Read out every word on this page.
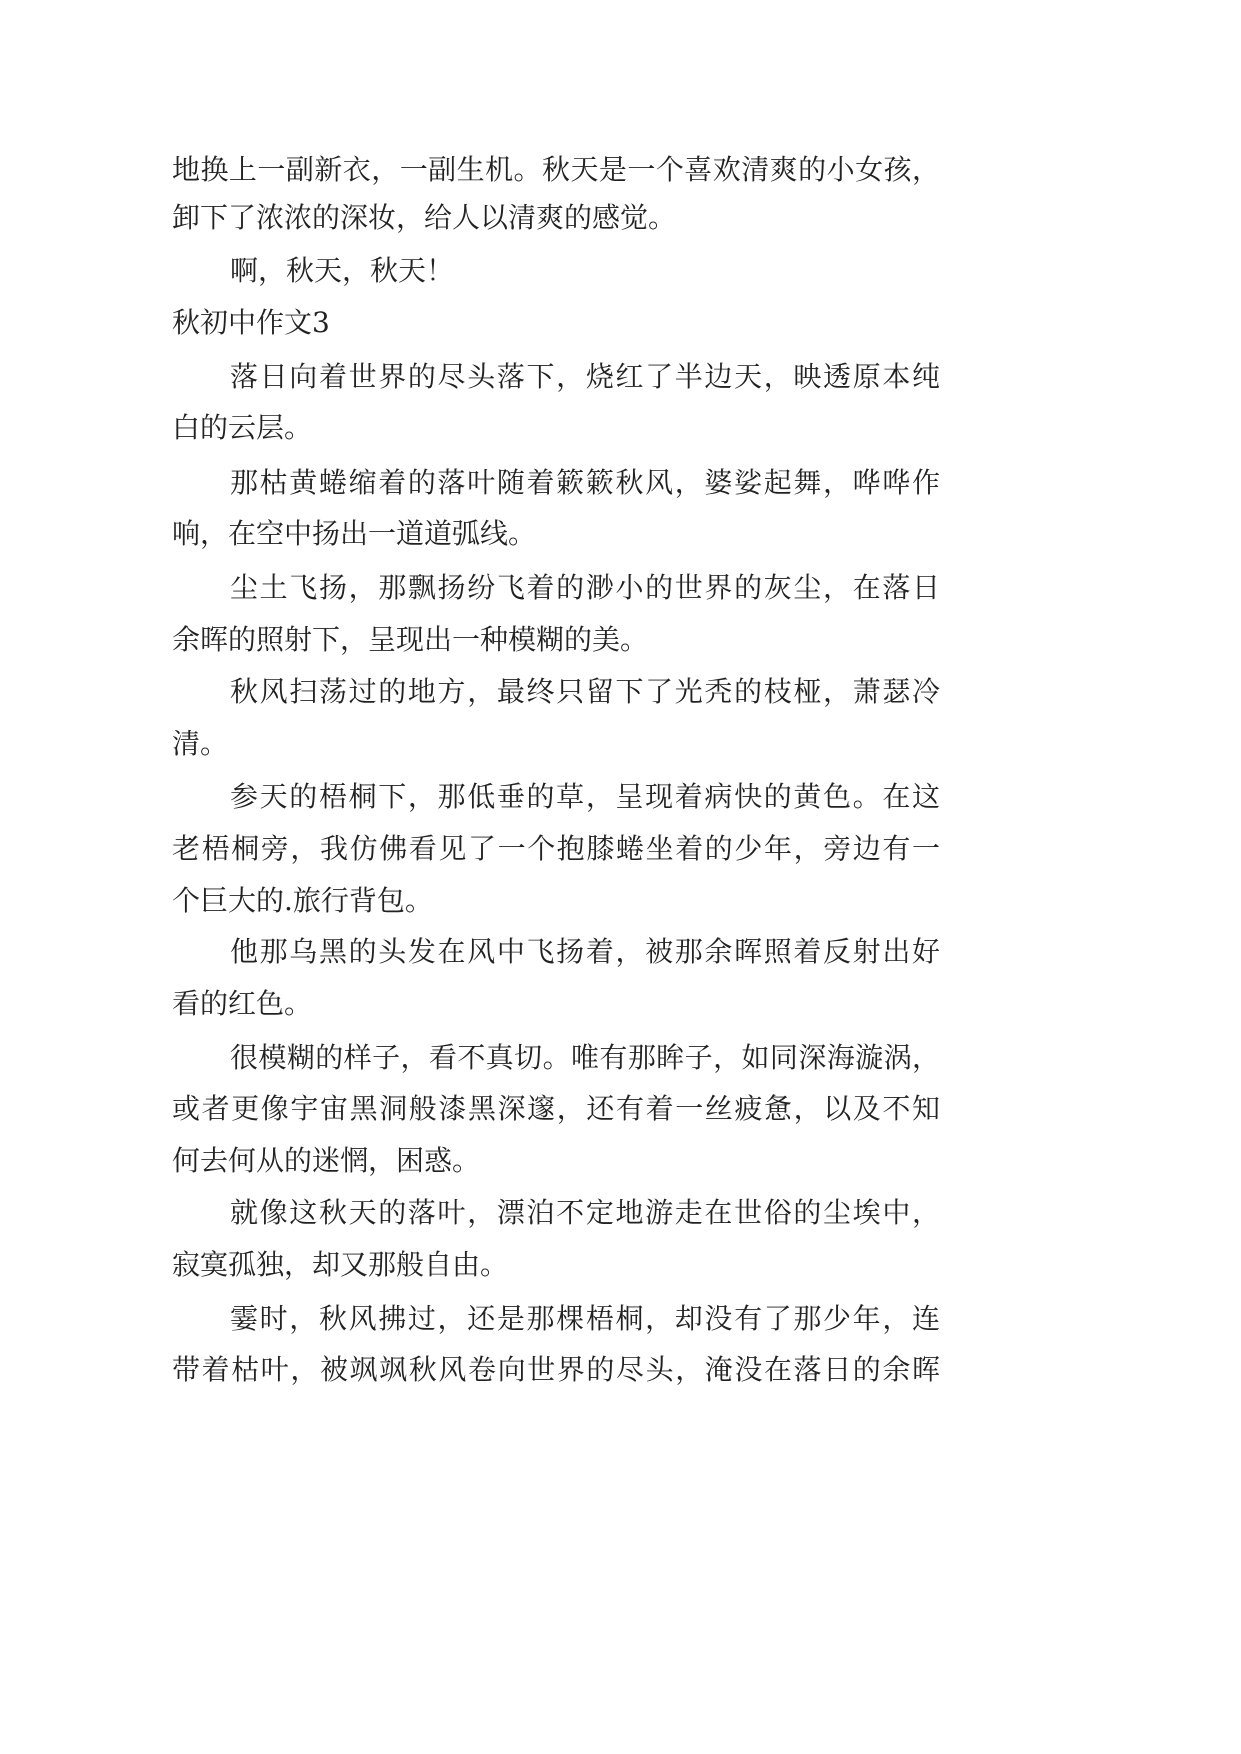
地换上一副新衣，一副生机。秋天是一个喜欢清爽的小女孩，
卸下了浓浓的深妆，给人以清爽的感觉。
啊，秋天，秋天！
秋初中作文3
落日向着世界的尽头落下，烧红了半边天，映透原本纯
白的云层。
那枯黄蜷缩着的落叶随着簌簌秋风，婆娑起舞，哗哗作
响，在空中扬出一道道弧线。
尘土飞扬，那飘扬纷飞着的渺小的世界的灰尘，在落日
余晖的照射下，呈现出一种模糊的美。
秋风扫荡过的地方，最终只留下了光秃的枝桠，萧瑟冷
清。
参天的梧桐下，那低垂的草，呈现着病快的黄色。在这
老梧桐旁，我仿佛看见了一个抱膝蜷坐着的少年，旁边有一
个巨大的.旅行背包。
他那乌黑的头发在风中飞扬着，被那余晖照着反射出好
看的红色。
很模糊的样子，看不真切。唯有那眸子，如同深海漩涡，
或者更像宇宙黑洞般漆黑深邃，还有着一丝疲惫，以及不知
何去何从的迷惘，困惑。
就像这秋天的落叶，漂泊不定地游走在世俗的尘埃中，
寂寞孤独，却又那般自由。
霎时，秋风拂过，还是那棵梧桐，却没有了那少年，连
带着枯叶，被飒飒秋风卷向世界的尽头，淹没在落日的余晖
